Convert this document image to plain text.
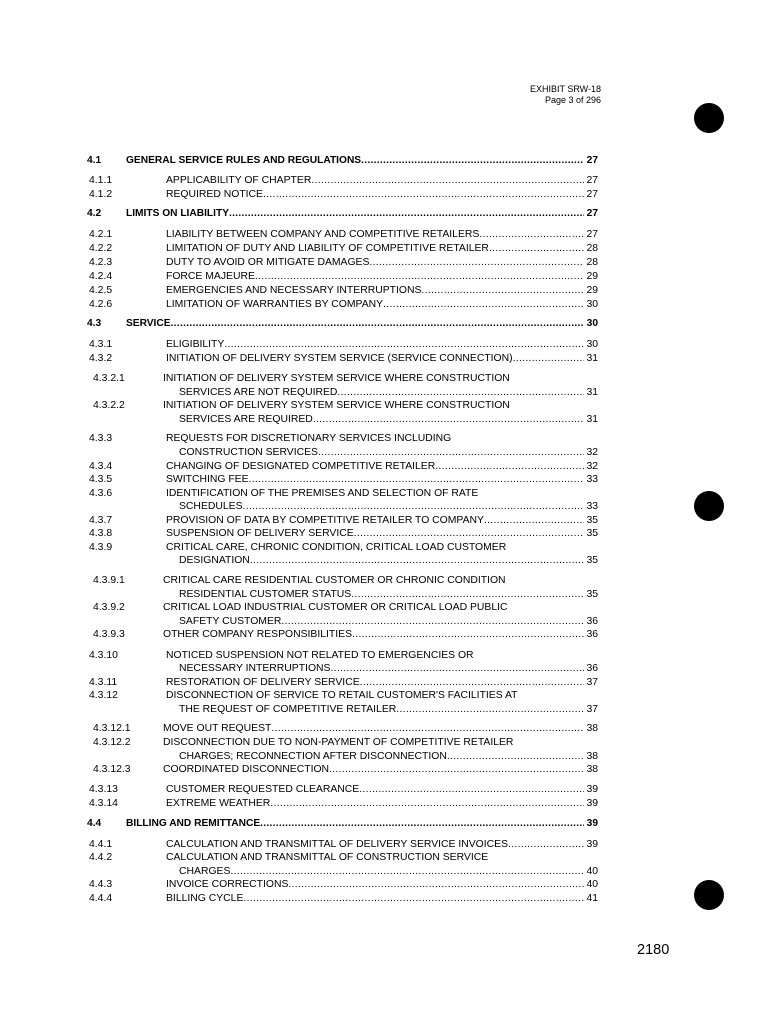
EXHIBIT SRW-18
Page 3 of 296
4.1 GENERAL SERVICE RULES AND REGULATIONS .....	27
4.1.1	APPLICABILITY OF CHAPTER .....	27
4.1.2	REQUIRED NOTICE .....	27
4.2 LIMITS ON LIABILITY .....	27
4.2.1	LIABILITY BETWEEN COMPANY AND COMPETITIVE RETAILERS .....	27
4.2.2	LIMITATION OF DUTY AND LIABILITY OF COMPETITIVE RETAILER .....	28
4.2.3	DUTY TO AVOID OR MITIGATE DAMAGES .....	28
4.2.4	FORCE MAJEURE .....	29
4.2.5	EMERGENCIES AND NECESSARY INTERRUPTIONS .....	29
4.2.6	LIMITATION OF WARRANTIES BY COMPANY .....	30
4.3 SERVICE .....	30
4.3.1	ELIGIBILITY .....	30
4.3.2	INITIATION OF DELIVERY SYSTEM SERVICE (SERVICE CONNECTION) .....	31
4.3.2.1	INITIATION OF DELIVERY SYSTEM SERVICE WHERE CONSTRUCTION
SERVICES ARE NOT REQUIRED .....	31
4.3.2.2	INITIATION OF DELIVERY SYSTEM SERVICE WHERE CONSTRUCTION
SERVICES ARE REQUIRED .....	31
4.3.3	REQUESTS FOR DISCRETIONARY SERVICES INCLUDING
CONSTRUCTION SERVICES .....	32
4.3.4	CHANGING OF DESIGNATED COMPETITIVE RETAILER .....	32
4.3.5	SWITCHING FEE .....	33
4.3.6	IDENTIFICATION OF THE PREMISES AND SELECTION OF RATE
SCHEDULES .....	33
4.3.7	PROVISION OF DATA BY COMPETITIVE RETAILER TO COMPANY .....	35
4.3.8	SUSPENSION OF DELIVERY SERVICE .....	35
4.3.9	CRITICAL CARE, CHRONIC CONDITION, CRITICAL LOAD CUSTOMER
DESIGNATION .....	35
4.3.9.1	CRITICAL CARE RESIDENTIAL CUSTOMER OR CHRONIC CONDITION
RESIDENTIAL CUSTOMER STATUS .....	35
4.3.9.2	CRITICAL LOAD INDUSTRIAL CUSTOMER OR CRITICAL LOAD PUBLIC
SAFETY CUSTOMER .....	36
4.3.9.3	OTHER COMPANY RESPONSIBILITIES .....	36
4.3.10	NOTICED SUSPENSION NOT RELATED TO EMERGENCIES OR
NECESSARY INTERRUPTIONS .....	36
4.3.11	RESTORATION OF DELIVERY SERVICE .....	37
4.3.12	DISCONNECTION OF SERVICE TO RETAIL CUSTOMER'S FACILITIES AT
THE REQUEST OF COMPETITIVE RETAILER .....	37
4.3.12.1	MOVE OUT REQUEST .....	38
4.3.12.2	DISCONNECTION DUE TO NON-PAYMENT OF COMPETITIVE RETAILER
CHARGES; RECONNECTION AFTER DISCONNECTION .....	38
4.3.12.3	COORDINATED DISCONNECTION .....	38
4.3.13	CUSTOMER REQUESTED CLEARANCE .....	39
4.3.14	EXTREME WEATHER .....	39
4.4 BILLING AND REMITTANCE .....	39
4.4.1	CALCULATION AND TRANSMITTAL OF DELIVERY SERVICE INVOICES .....	39
4.4.2	CALCULATION AND TRANSMITTAL OF CONSTRUCTION SERVICE
CHARGES .....	40
4.4.3	INVOICE CORRECTIONS .....	40
4.4.4	BILLING CYCLE .....	41
2180
